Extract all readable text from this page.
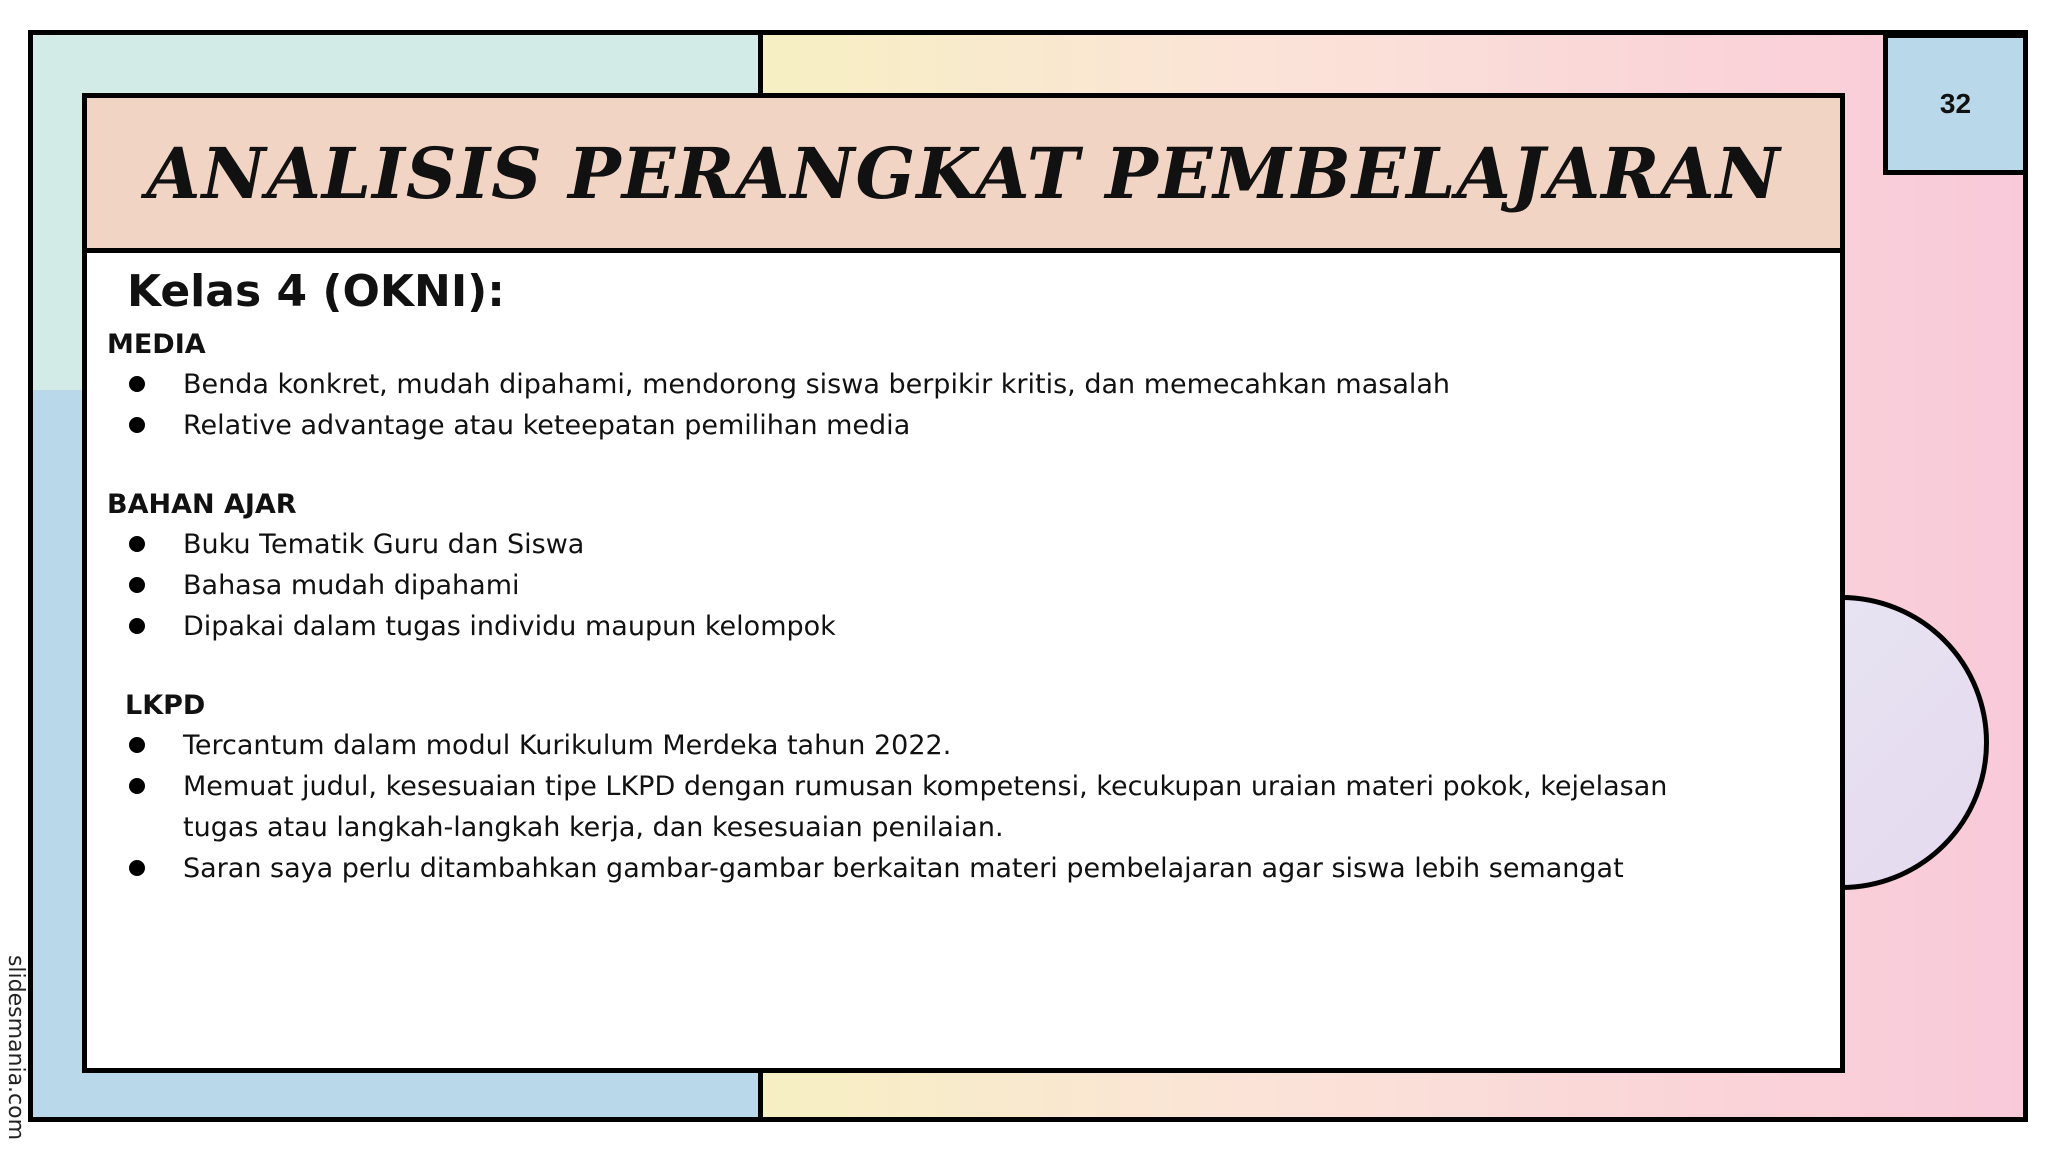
32
ANALISIS PERANGKAT PEMBELAJARAN
Kelas 4 (OKNI):
MEDIA
Benda konkret, mudah dipahami, mendorong siswa berpikir kritis, dan memecahkan masalah
Relative advantage atau keteepatan pemilihan media
BAHAN AJAR
Buku Tematik Guru dan Siswa
Bahasa mudah dipahami
Dipakai dalam tugas individu maupun kelompok
LKPD
Tercantum dalam modul Kurikulum Merdeka tahun 2022.
Memuat judul, kesesuaian tipe LKPD dengan rumusan kompetensi, kecukupan uraian materi pokok, kejelasan tugas atau langkah-langkah kerja, dan kesesuaian penilaian.
Saran saya perlu ditambahkan gambar-gambar berkaitan materi pembelajaran agar siswa lebih semangat
slidesmania.com
